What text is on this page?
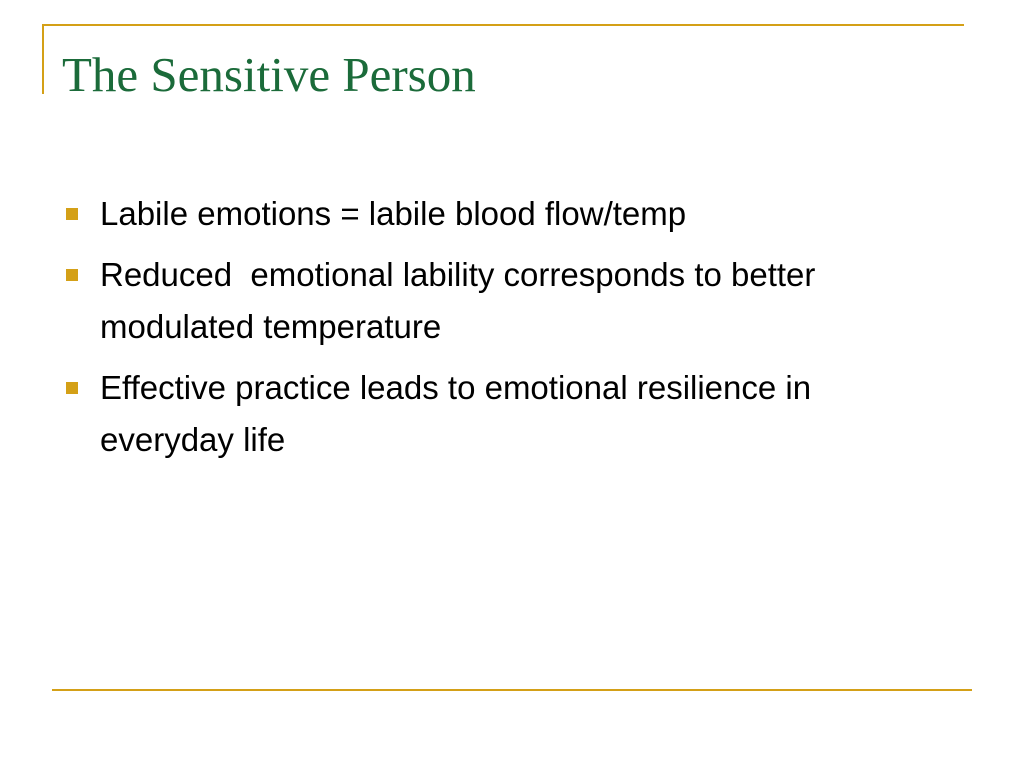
The Sensitive Person
Labile emotions = labile blood flow/temp
Reduced  emotional lability corresponds to better modulated temperature
Effective practice leads to emotional resilience in everyday life
